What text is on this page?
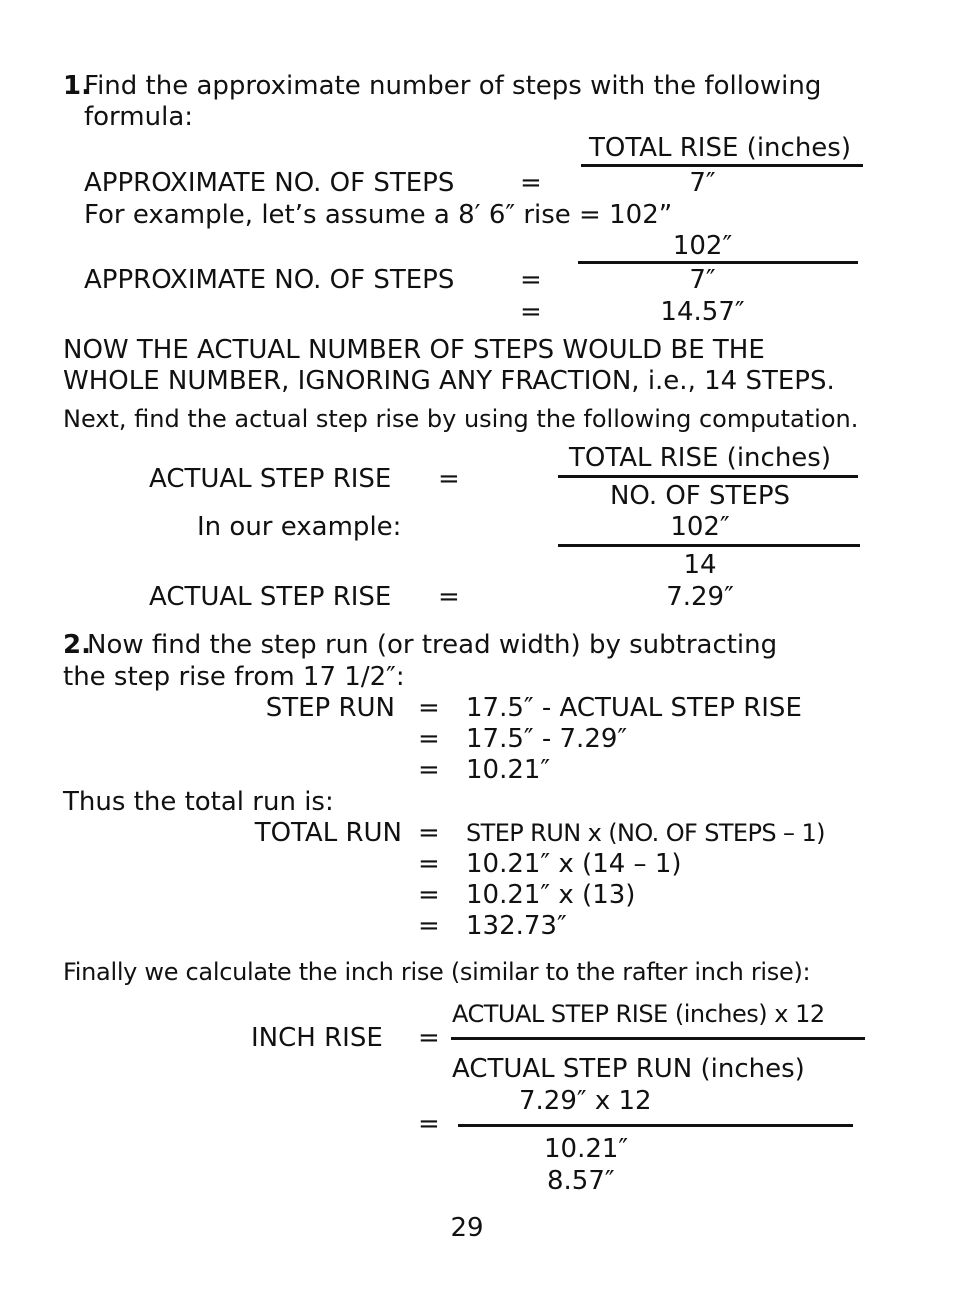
1.
Find the approximate number of steps with the following
formula:
TOTAL RISE (inches)
APPROXIMATE NO. OF STEPS	=	7″
For example, let’s assume a 8′ 6″ rise = 102”
102″
APPROXIMATE NO. OF STEPS	=	7″
=	14.57″
NOW THE ACTUAL NUMBER OF STEPS WOULD BE THE
WHOLE NUMBER, IGNORING ANY FRACTION, i.e., 14 STEPS.
Next, find the actual step rise by using the following computation.
TOTAL RISE (inches)
ACTUAL STEP RISE =
NO. OF STEPS
In our example:	102″
14
ACTUAL STEP RISE =	7.29″
2.
Now find the step run (or tread width) by subtracting
the step rise from 17 1/2″:
STEP RUN = 17.5″ - ACTUAL STEP RISE
= 17.5″ - 7.29″
= 10.21″
Thus the total run is:
TOTAL RUN = STEP RUN x (NO. OF STEPS – 1)
= 10.21″ x (14 – 1)
= 10.21″ x (13)
= 132.73″
Finally we calculate the inch rise (similar to the rafter inch rise):
ACTUAL STEP RISE (inches) x 12
INCH RISE =
ACTUAL STEP RUN (inches)
7.29″ x 12
=
10.21″
8.57″
29
